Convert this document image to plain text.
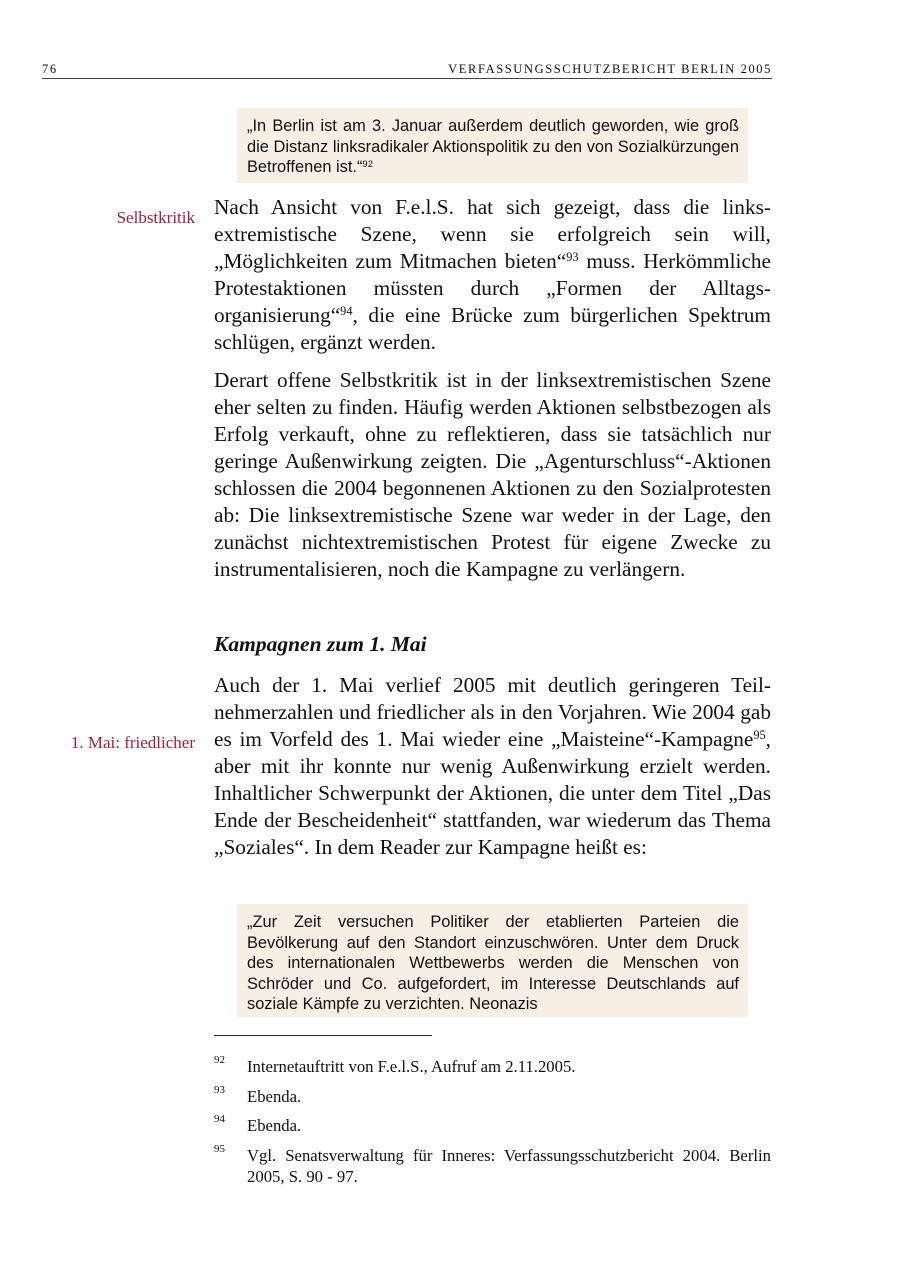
76	VERFASSUNGSSCHUTZBERICHT BERLIN 2005

„In Berlin ist am 3. Januar außerdem deutlich geworden, wie groß die Distanz linksradikaler Aktionspolitik zu den von Sozialkürzungen Betroffenen ist.“$^{92}$

Selbstkritik Nach Ansicht von F.e.l.S. hat sich gezeigt, dass die linksextremistische Szene, wenn sie erfolgreich sein will, „Möglichkeiten zum Mitmachen bieten“$^{93}$ muss. Herkömmliche Protestaktionen müssten durch „Formen der Alltagsorganisierung“$^{94}$, die eine Brücke zum bürgerlichen Spektrum schlügen, ergänzt werden.

Derart offene Selbstkritik ist in der linksextremistischen Szene eher selten zu finden. Häufig werden Aktionen selbstbezogen als Erfolg verkauft, ohne zu reflektieren, dass sie tatsächlich nur geringe Außenwirkung zeigten. Die „Agenturschluss“-Aktionen schlossen die 2004 begonnenen Aktionen zu den Sozialprotesten ab: Die linksextremistische Szene war weder in der Lage, den zunächst nichtextremistischen Protest für eigene Zwecke zu instrumentalisieren, noch die Kampagne zu verlängern.

Kampagnen zum 1. Mai
1. Mai: friedlicher

Auch der 1. Mai verlief 2005 mit deutlich geringeren Teilnehmerzahlen und friedlicher als in den Vorjahren. Wie 2004 gab es im Vorfeld des 1. Mai wieder eine „Maisteine“-Kampagne$^{95}$, aber mit ihr konnte nur wenig Außenwirkung erzielt werden. Inhaltlicher Schwerpunkt der Aktionen, die unter dem Titel „Das Ende der Bescheidenheit“ stattfanden, war wiederum das Thema „Soziales“. In dem Reader zur Kampagne heißt es:

„Zur Zeit versuchen Politiker der etablierten Parteien die Bevölkerung auf den Standort einzuschwören. Unter dem Druck des internationalen Wettbewerbs werden die Menschen von Schröder und Co. aufgefordert, im Interesse Deutschlands auf soziale Kämpfe zu verzichten. Neonazis

92 Internetauftritt von F.e.l.S., Aufruf am 2.11.2005.
93 Ebenda.
94 Ebenda.
95 Vgl. Senatsverwaltung für Inneres: Verfassungsschutzbericht 2004. Berlin 2005, S. 90 - 97.
